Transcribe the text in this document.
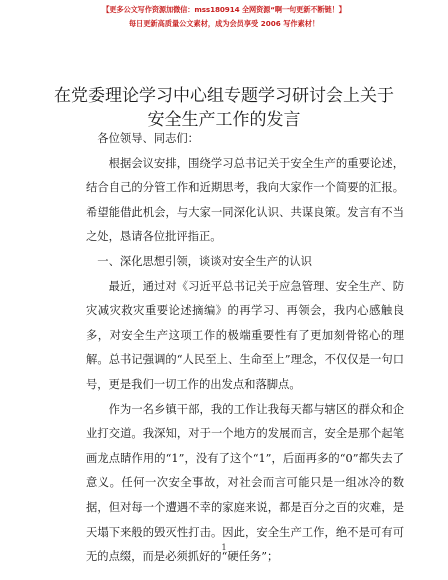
【更多公文写作资源加微信：mss180914 全网资源“啊一句更新不断链！】
每日更新高质量公文素材，成为会员享受 2006 写作素材！
在党委理论学习中心组专题学习研讨会上关于
安全生产工作的发言

各位领导、同志们：

根据会议安排，围绕学习总书记关于安全生产的重要论述，结合自己的分管工作和近期思考，我向大家作一个简要的汇报。希望能借此机会，与大家一同深化认识、共谋良策。发言有不当之处，恳请各位批评指正。

一、深化思想引领，谈谈对安全生产的认识

最近，通过对《习近平总书记关于应急管理、安全生产、防灾减灾救灾重要论述摘编》的再学习、再领会，我内心感触良多，对安全生产这项工作的极端重要性有了更加刻骨铭心的理解。总书记强调的“人民至上、生命至上”理念，不仅仅是一句口号，更是我们一切工作的出发点和落脚点。

作为一名乡镇干部，我的工作让我每天都与辖区的群众和企业打交道。我深知，对于一个地方的发展而言，安全是那个起笔画龙点睛作用的“1”，没有了这个“1”，后面再多的“0”都失去了意义。任何一次安全事故，对社会而言可能只是一组冰冷的数据，但对每一个遭遇不幸的家庭来说，都是百分之百的灾难，是天塌下来般的毁灭性打击。因此，安全生产工作，绝不是可有可无的点缀，而是必须抓好的“硬任务”；

1
